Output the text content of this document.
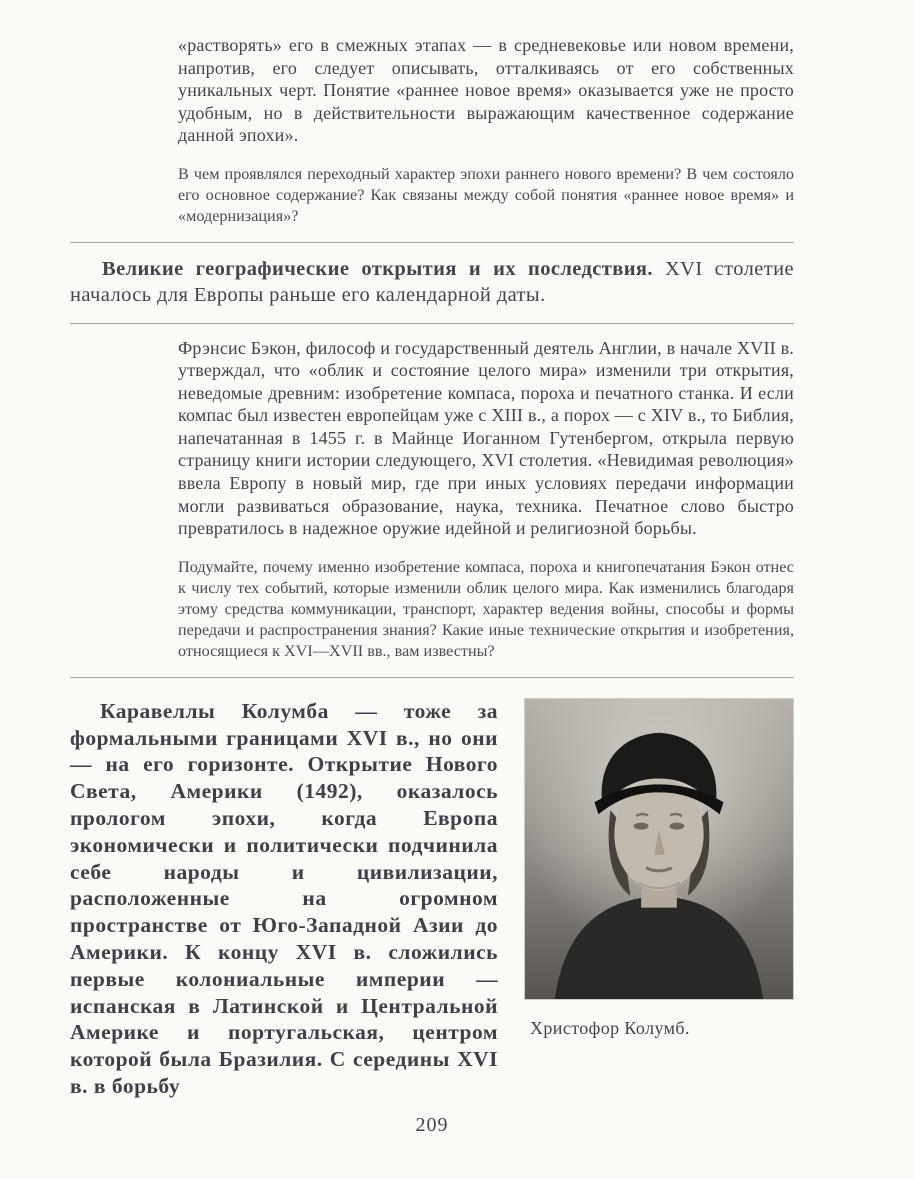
«растворять» его в смежных этапах — в средневековье или новом времени, напротив, его следует описывать, отталкиваясь от его собственных уникальных черт. Понятие «раннее новое время» оказывается уже не просто удобным, но в действительности выражающим качественное содержание данной эпохи».

В чем проявлялся переходный характер эпохи раннего нового времени? В чем состояло его основное содержание? Как связаны между собой понятия «раннее новое время» и «модернизация»?

Великие географические открытия и их последствия. XVI столетие началось для Европы раньше его календарной даты.

Фрэнсис Бэкон, философ и государственный деятель Англии, в начале XVII в. утверждал, что «облик и состояние целого мира» изменили три открытия, неведомые древним: изобретение компаса, пороха и печатного станка. И если компас был известен европейцам уже с XIII в., а порох — с XIV в., то Библия, напечатанная в 1455 г. в Майнце Иоганном Гутенбергом, открыла первую страницу книги истории следующего, XVI столетия. «Невидимая революция» ввела Европу в новый мир, где при иных условиях передачи информации могли развиваться образование, наука, техника. Печатное слово быстро превратилось в надежное оружие идейной и религиозной борьбы.

Подумайте, почему именно изобретение компаса, пороха и книгопечатания Бэкон отнес к числу тех событий, которые изменили облик целого мира. Как изменились благодаря этому средства коммуникации, транспорт, характер ведения войны, способы и формы передачи и распространения знания? Какие иные технические открытия и изобретения, относящиеся к XVI—XVII вв., вам известны?

Каравеллы Колумба — тоже за формальными границами XVI в., но они — на его горизонте. Открытие Нового Света, Америки (1492), оказалось прологом эпохи, когда Европа экономически и политически подчинила себе народы и цивилизации, расположенные на огромном пространстве от Юго-Западной Азии до Америки. К концу XVI в. сложились первые колониальные империи — испанская в Латинской и Центральной Америке и португальская, центром которой была Бразилия. С середины XVI в. в борьбу

Христофор Колумб.
209
